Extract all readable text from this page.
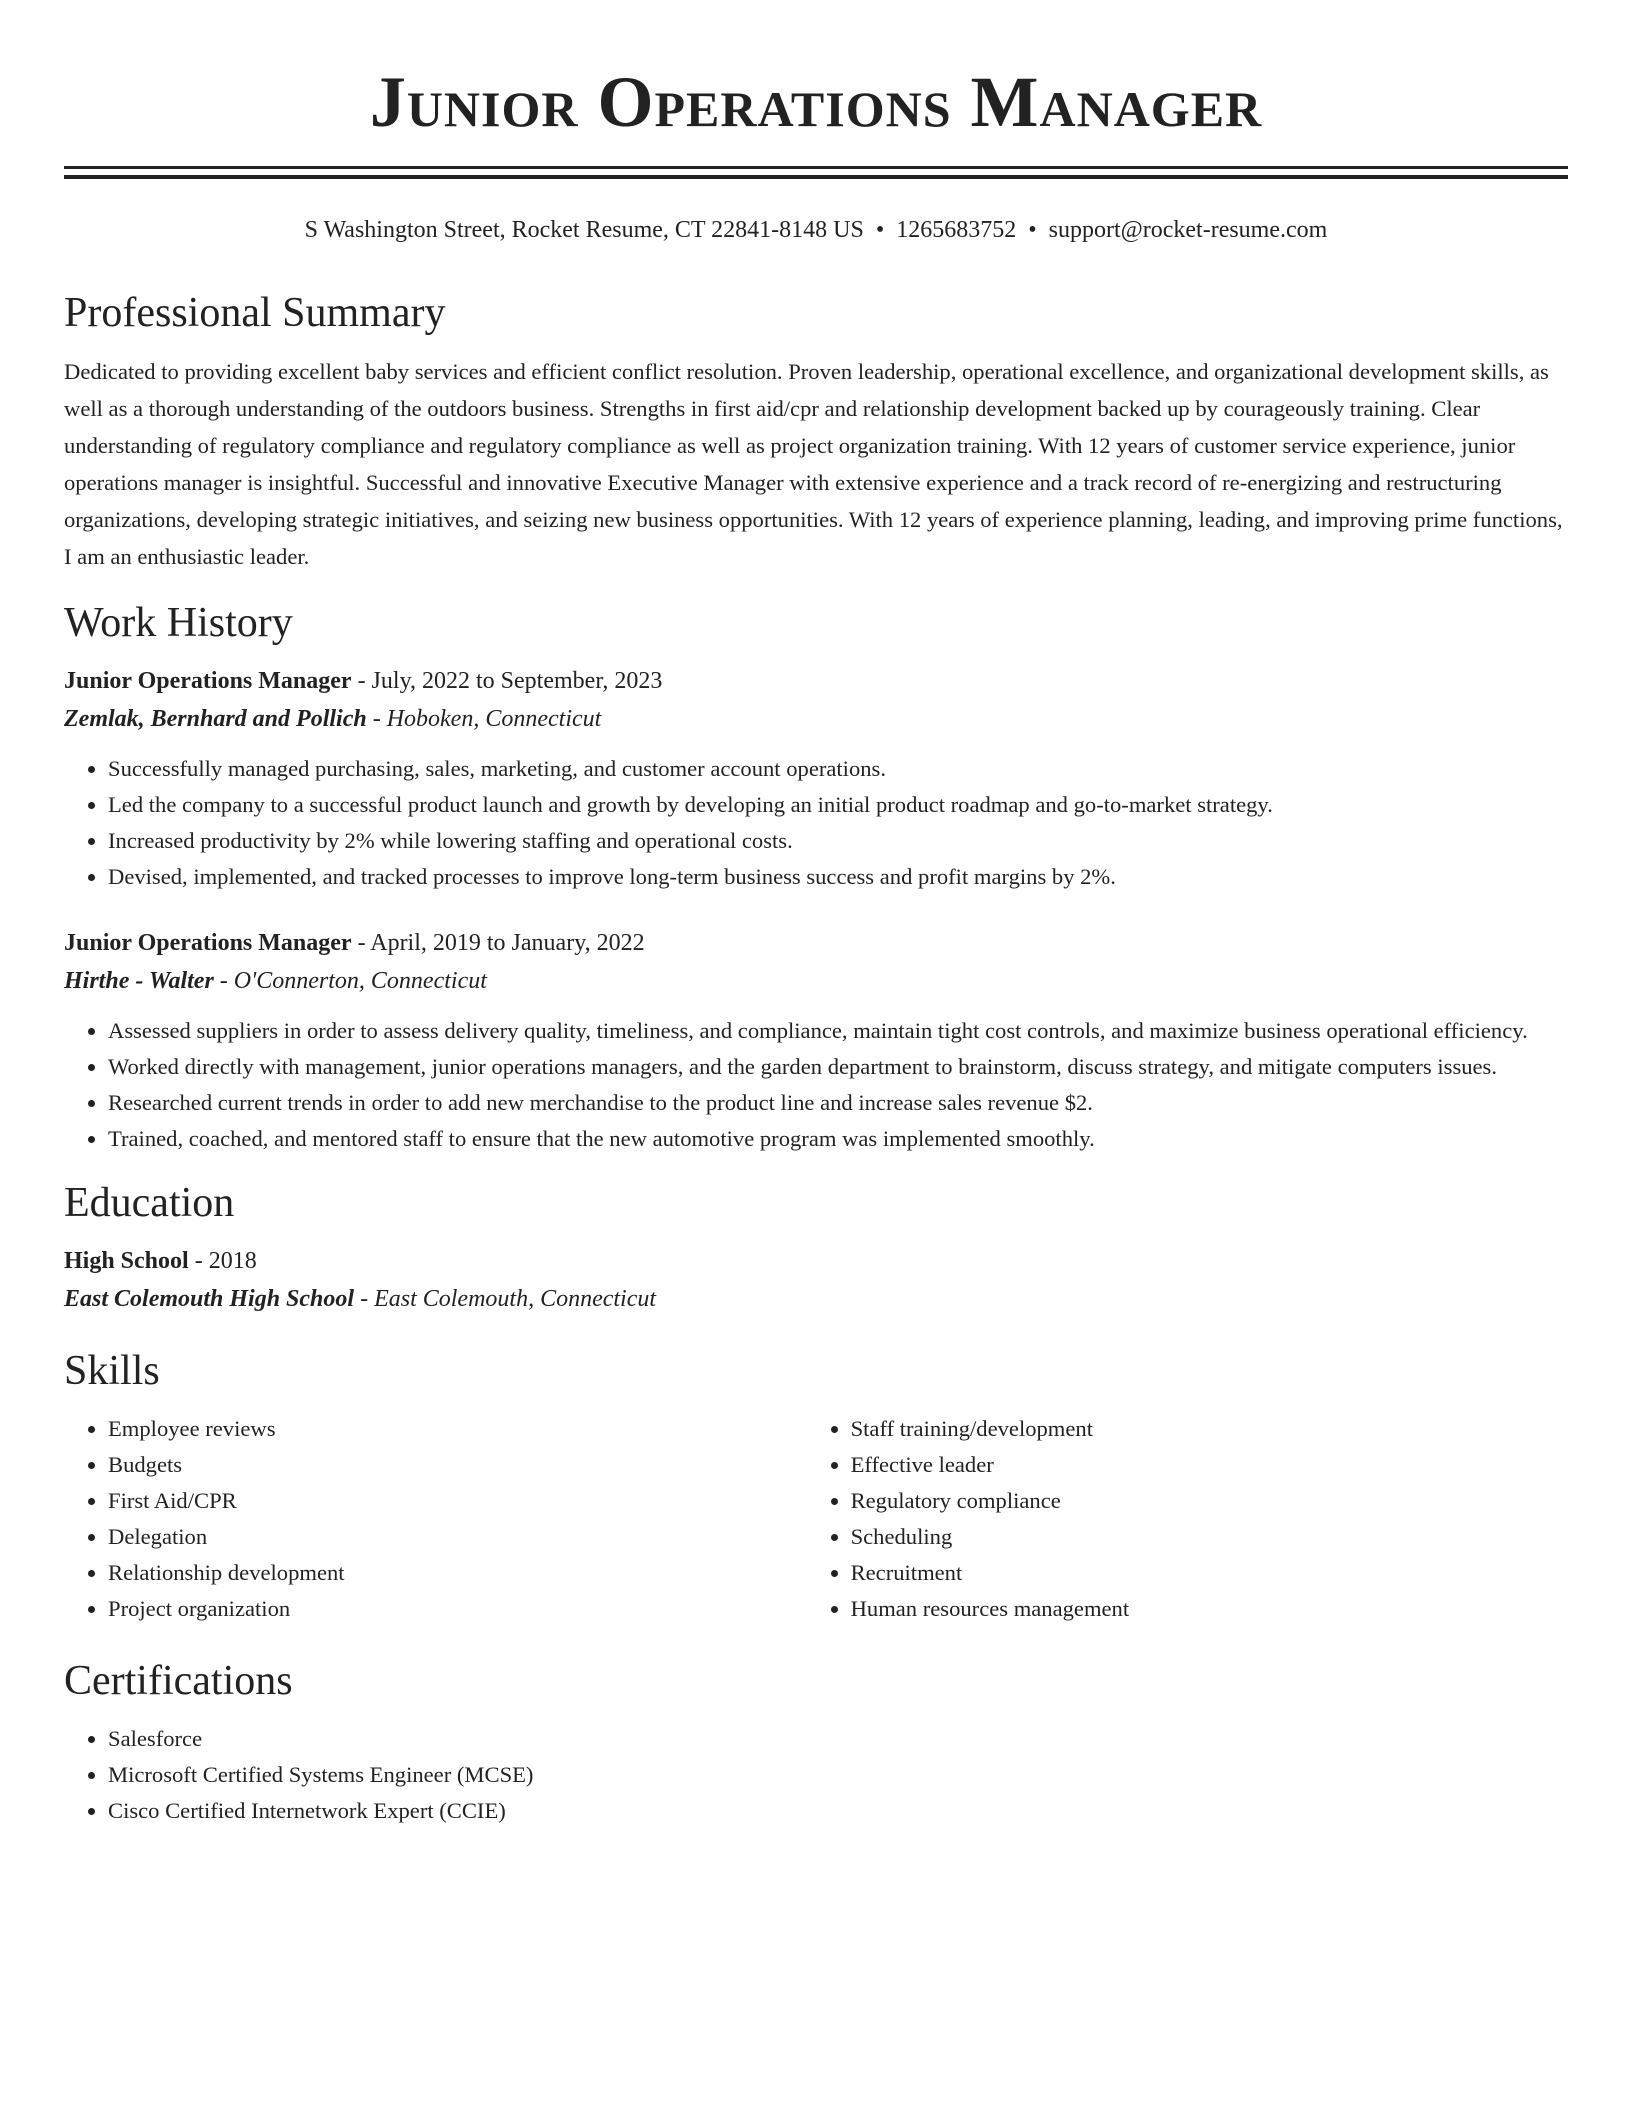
Junior Operations Manager
S Washington Street, Rocket Resume, CT 22841-8148 US • 1265683752 • support@rocket-resume.com
Professional Summary

Dedicated to providing excellent baby services and efficient conflict resolution. Proven leadership, operational excellence, and organizational development skills, as well as a thorough understanding of the outdoors business. Strengths in first aid/cpr and relationship development backed up by courageously training. Clear understanding of regulatory compliance and regulatory compliance as well as project organization training. With 12 years of customer service experience, junior operations manager is insightful. Successful and innovative Executive Manager with extensive experience and a track record of re-energizing and restructuring organizations, developing strategic initiatives, and seizing new business opportunities. With 12 years of experience planning, leading, and improving prime functions, I am an enthusiastic leader.

Work History

Junior Operations Manager - July, 2022 to September, 2023

Zemlak, Bernhard and Pollich - Hoboken, Connecticut

• Successfully managed purchasing, sales, marketing, and customer account operations.
• Led the company to a successful product launch and growth by developing an initial product roadmap and go-to-market strategy.
• Increased productivity by 2% while lowering staffing and operational costs.
• Devised, implemented, and tracked processes to improve long-term business success and profit margins by 2%.

Junior Operations Manager - April, 2019 to January, 2022

Hirthe - Walter - O'Connerton, Connecticut

• Assessed suppliers in order to assess delivery quality, timeliness, and compliance, maintain tight cost controls, and maximize business operational efficiency.
• Worked directly with management, junior operations managers, and the garden department to brainstorm, discuss strategy, and mitigate computers issues.
• Researched current trends in order to add new merchandise to the product line and increase sales revenue $2.
• Trained, coached, and mentored staff to ensure that the new automotive program was implemented smoothly.
Education

High School - 2018

East Colemouth High School - East Colemouth, Connecticut

Skills
• Employee reviews
• Budgets
• First Aid/CPR
• Delegation
• Relationship development
• Project organization
• Staff training/development
• Effective leader
• Regulatory compliance
• Scheduling
• Recruitment
• Human resources management
Certifications
• Salesforce
• Microsoft Certified Systems Engineer (MCSE)
• Cisco Certified Internetwork Expert (CCIE)
